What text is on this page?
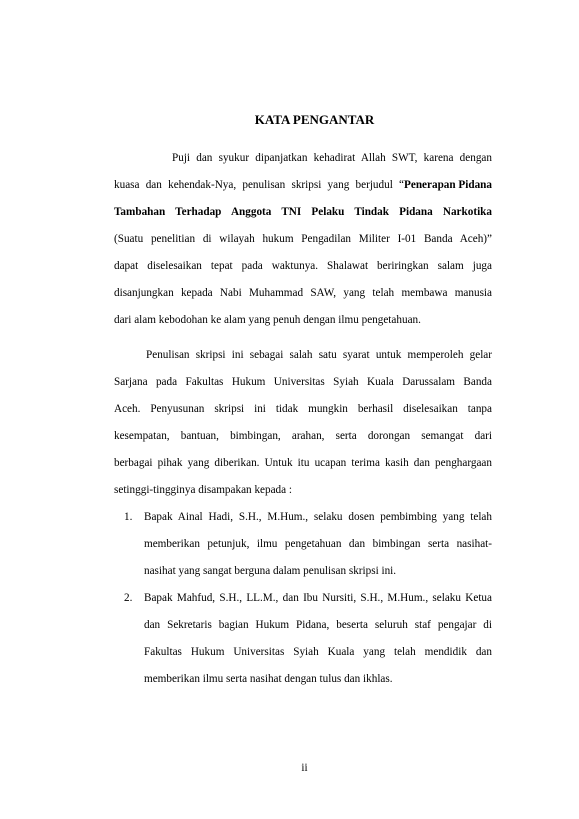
KATA PENGANTAR
Puji dan syukur dipanjatkan kehadirat Allah SWT, karena dengan
kuasa dan kehendak-Nya, penulisan skripsi yang berjudul “ Penerapan Pidana
Tambahan Terhadap Anggota TNI Pelaku Tindak Pidana Narkotika
(Suatu penelitian di wilayah hukum Pengadilan Militer I-01 Banda Aceh)”
dapat diselesaikan tepat pada waktunya. Shalawat beriringkan salam juga
disanjungkan kepada Nabi Muhammad SAW, yang telah membawa manusia
dari alam kebodohan ke alam yang penuh dengan ilmu pengetahuan.
Penulisan skripsi ini sebagai salah satu syarat untuk memperoleh gelar
Sarjana pada Fakultas Hukum Universitas Syiah Kuala Darussalam Banda
Aceh. Penyusunan skripsi ini tidak mungkin berhasil diselesaikan tanpa
kesempatan, bantuan, bimbingan, arahan, serta dorongan semangat dari
berbagai pihak yang diberikan. Untuk itu ucapan terima kasih dan penghargaan
setinggi-tingginya disampakan kepada :
1. Bapak Ainal Hadi, S.H., M.Hum., selaku dosen pembimbing yang telah
memberikan petunjuk, ilmu pengetahuan dan bimbingan serta nasihat-
nasihat yang sangat berguna dalam penulisan skripsi ini.
2. Bapak Mahfud, S.H., LL.M., dan Ibu Nursiti, S.H., M.Hum., selaku Ketua
dan Sekretaris bagian Hukum Pidana, beserta seluruh staf pengajar di
Fakultas Hukum Universitas Syiah Kuala yang telah mendidik dan
memberikan ilmu serta nasihat dengan tulus dan ikhlas.
ii
